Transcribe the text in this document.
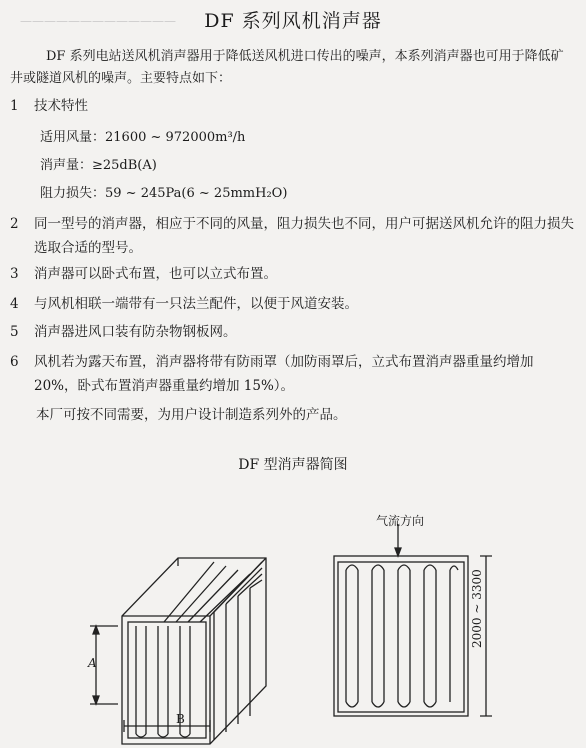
—————————————	DF 系列风机消声器
DF 系列电站送风机消声器用于降低送风机进口传出的噪声，本系列消声器也可用于降低矿井或隧道风机的噪声。主要特点如下：
1	技术特性
适用风量：21600 ~ 972000m³/h
消声量：≥25dB(A)
阻力损失：59 ~ 245Pa(6 ~ 25mmH₂O)
2	同一型号的消声器，相应于不同的风量，阻力损失也不同，用户可据送风机允许的阻力损失选取合适的型号。
3	消声器可以卧式布置，也可以立式布置。
4	与风机相联一端带有一只法兰配件，以便于风道安装。
5	消声器进风口装有防杂物钢板网。
6	风机若为露天布置，消声器将带有防雨罩（加防雨罩后，立式布置消声器重量约增加 20%，卧式布置消声器重量约增加 15%）。
本厂可按不同需要，为用户设计制造系列外的产品。
DF 型消声器简图
气流方向
A
B
2000 ~ 3300
